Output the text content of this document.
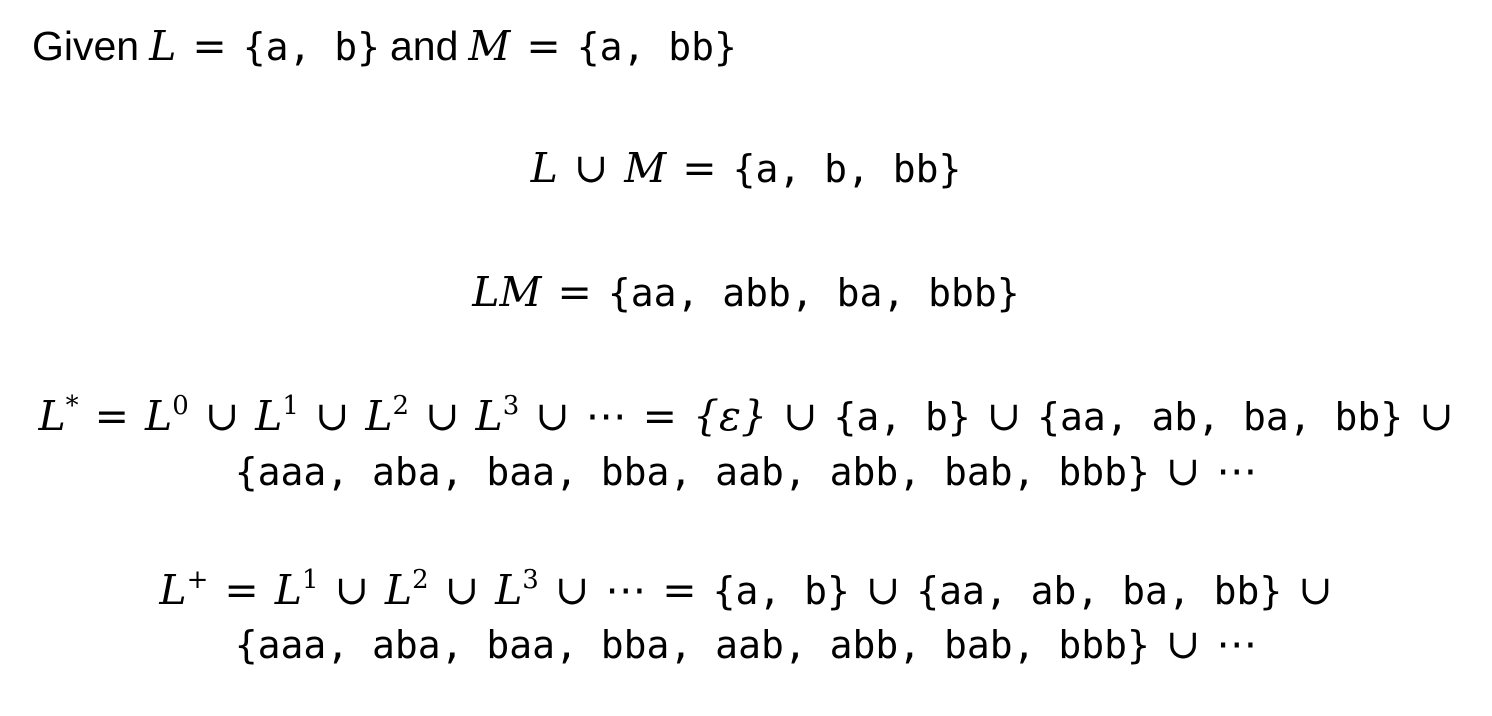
Given L = {a, b} and M = {a, bb}
L ∪ M = {a, b, bb}
LM = {aa, abb, ba, bbb}
$L^* = L^0$ ∪ $L^1$ ∪ $L^2$ ∪ $L^3$ ∪ ⋯ = {ε} ∪ {a, b} ∪ {aa, ab, ba, bb} ∪
{aaa, aba, baa, bba, aab, abb, bab, bbb} ∪ ⋯
$L^+ = L^1$ ∪ $L^2$ ∪ $L^3$ ∪ ⋯ = {a, b} ∪ {aa, ab, ba, bb} ∪
{aaa, aba, baa, bba, aab, abb, bab, bbb} ∪ ⋯
